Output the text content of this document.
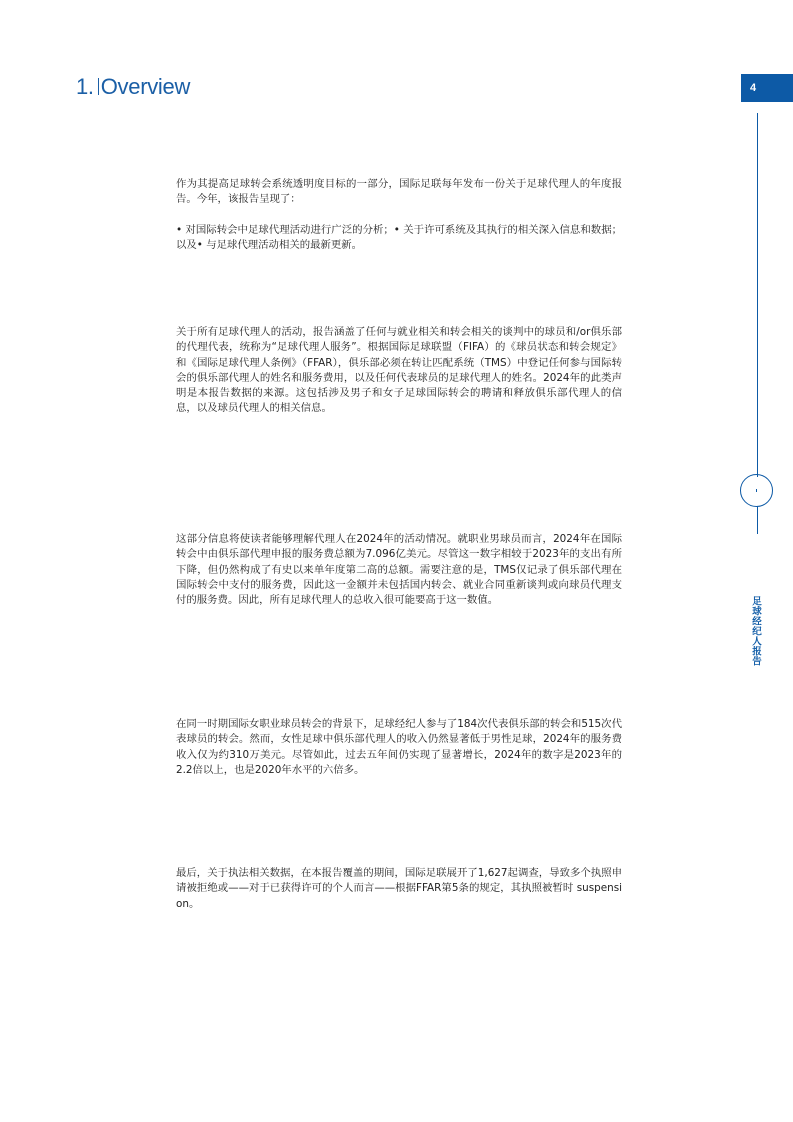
1. Overview	4
足球经纪人报告

作为其提高足球转会系统透明度目标的一部分，国际足联每年发布一份关于足球代理人的年度报告。今年，该报告呈现了：

• 对国际转会中足球代理活动进行广泛的分析；• 关于许可系统及其执行的相关深入信息和数据；以及• 与足球代理活动相关的最新更新。

关于所有足球代理人的活动，报告涵盖了任何与就业相关和转会相关的谈判中的球员和/or俱乐部的代理代表，统称为“足球代理人服务”。根据国际足球联盟（FIFA）的《球员状态和转会规定》和《国际足球代理人条例》（FFAR），俱乐部必须在转让匹配系统（TMS）中登记任何参与国际转会的俱乐部代理人的姓名和服务费用，以及任何代表球员的足球代理人的姓名。2024年的此类声明是本报告数据的来源。这包括涉及男子和女子足球国际转会的聘请和释放俱乐部代理人的信息，以及球员代理人的相关信息。

这部分信息将使读者能够理解代理人在2024年的活动情况。就职业男球员而言，2024年在国际转会中由俱乐部代理申报的服务费总额为7.096亿美元。尽管这一数字相较于2023年的支出有所下降，但仍然构成了有史以来单年度第二高的总额。需要注意的是，TMS仅记录了俱乐部代理在国际转会中支付的服务费，因此这一金额并未包括国内转会、就业合同重新谈判或向球员代理支付的服务费。因此，所有足球代理人的总收入很可能要高于这一数值。

在同一时期国际女职业球员转会的背景下，足球经纪人参与了184次代表俱乐部的转会和515次代表球员的转会。然而，女性足球中俱乐部代理人的收入仍然显著低于男性足球，2024年的服务费收入仅为约310万美元。尽管如此，过去五年间仍实现了显著增长，2024年的数字是2023年的2.2倍以上，也是2020年水平的六倍多。

最后，关于执法相关数据，在本报告覆盖的期间，国际足联展开了1,627起调查，导致多个执照申请被拒绝或——对于已获得许可的个人而言——根据FFAR第5条的规定，其执照被暂时 suspension。
